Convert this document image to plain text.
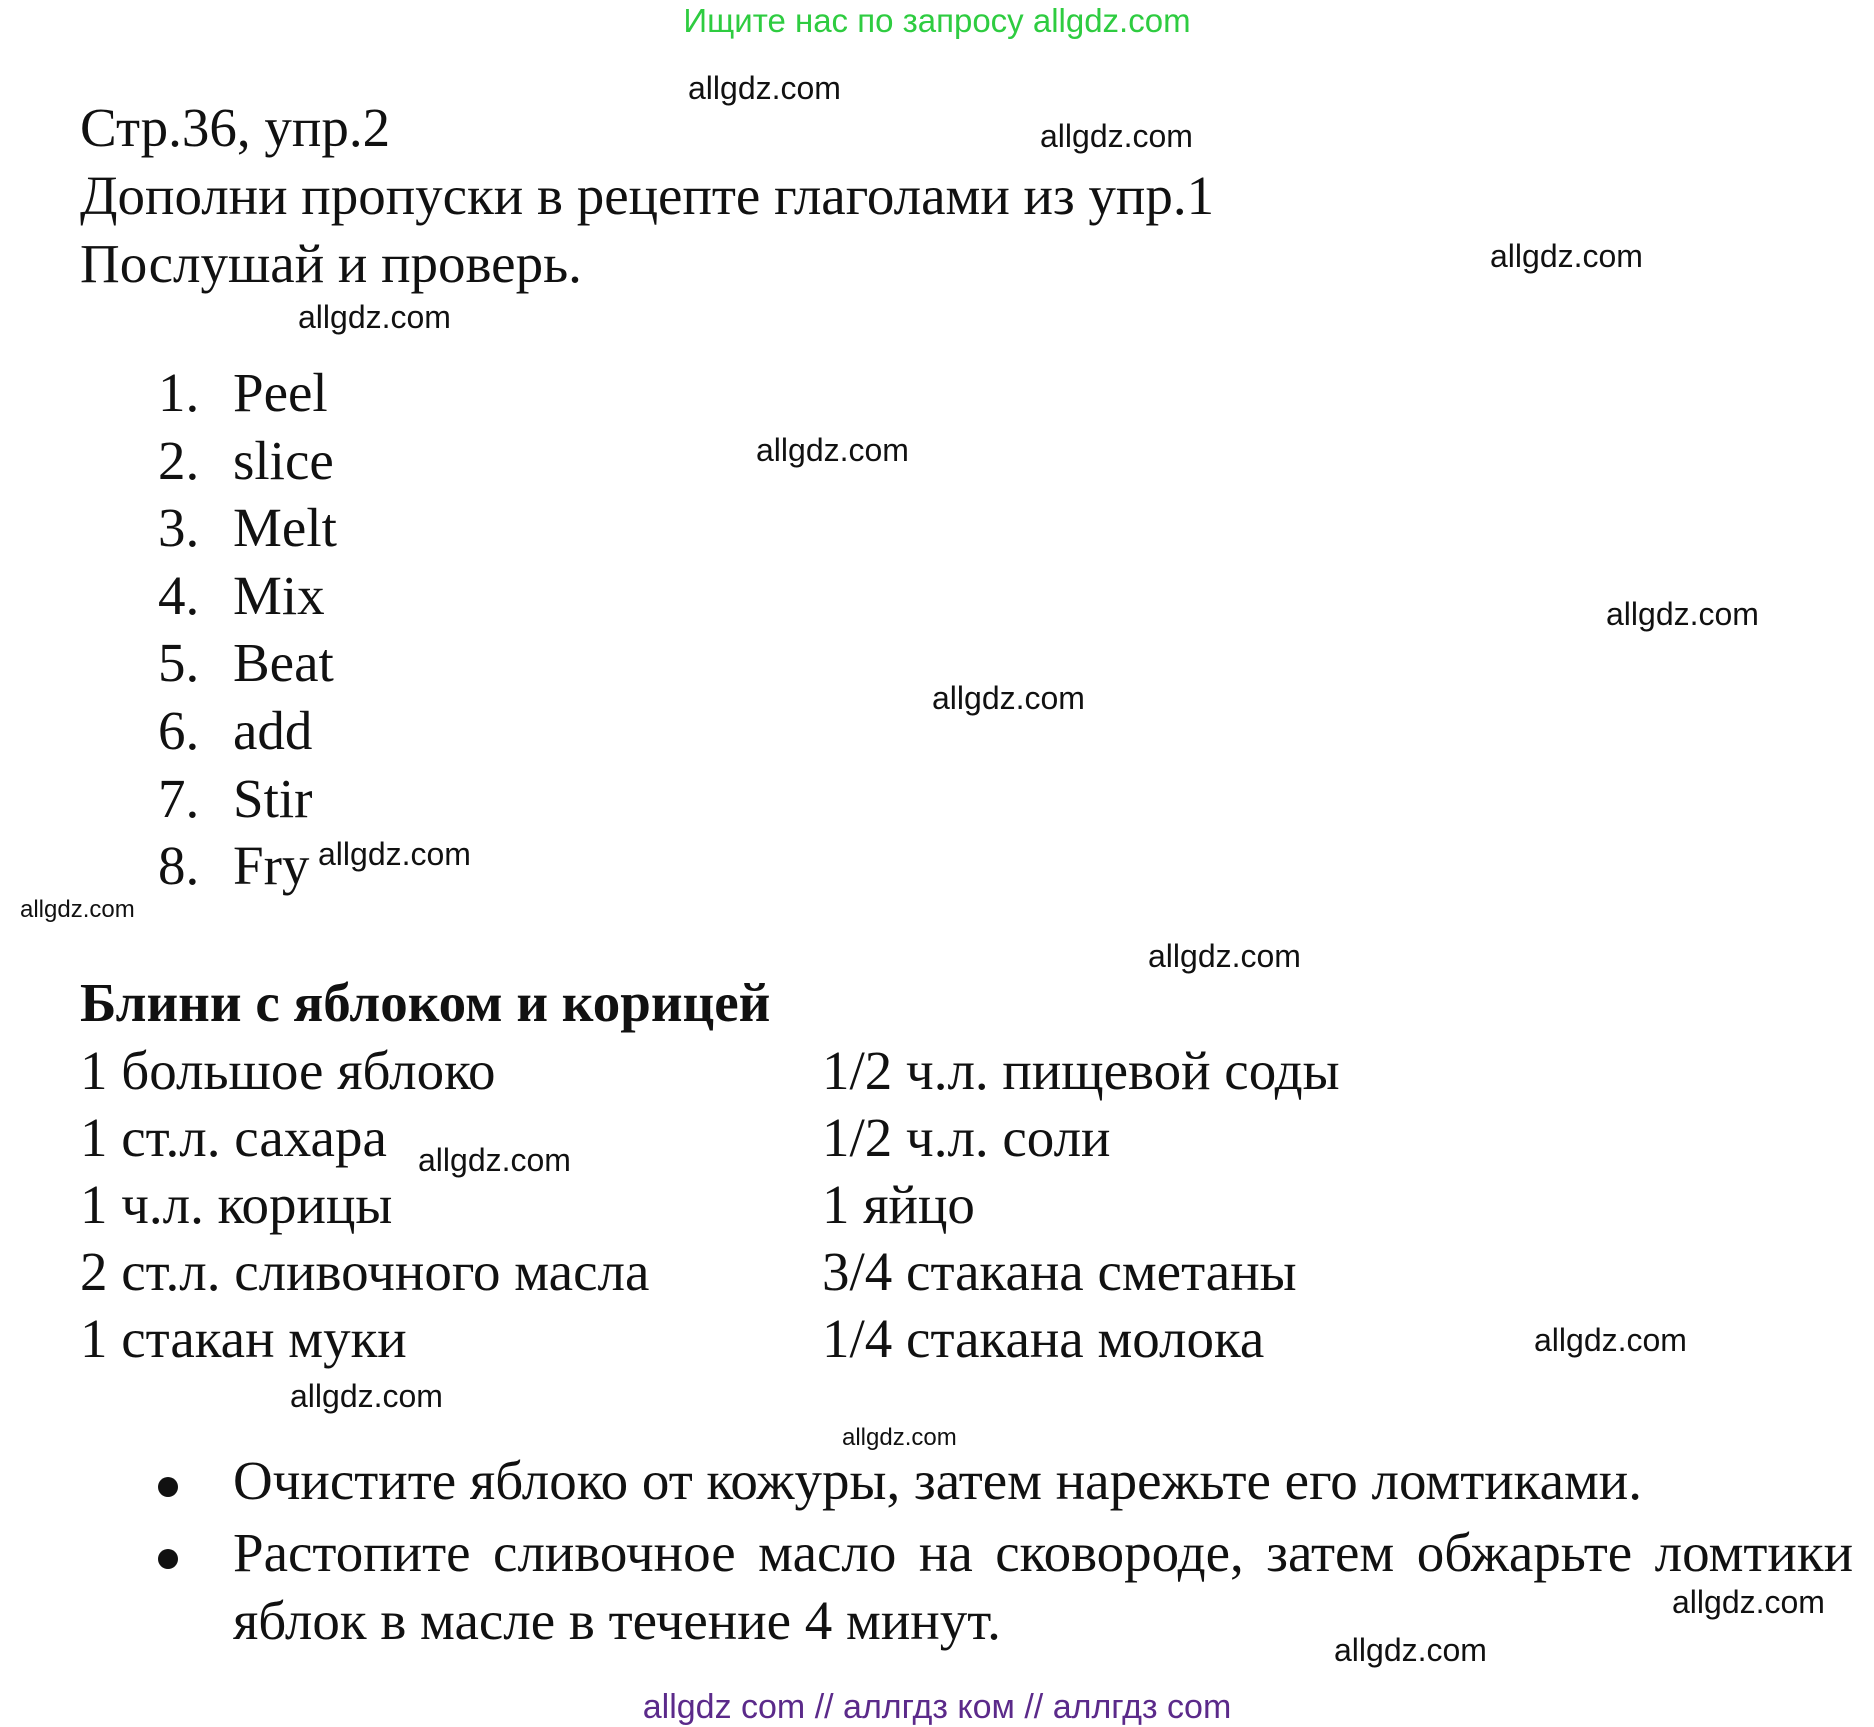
Ищите нас по запросу allgdz.com
Стр.36, упр.2
Дополни пропуски в рецепте глаголами из упр.1
Послушай и проверь.
1. Peel
2. slice
3. Melt
4. Mix
5. Beat
6. add
7. Stir
8. Fry
Блини с яблоком и корицей
1 большое яблоко
1 ст.л. сахара
1 ч.л. корицы
2 ст.л. сливочного масла
1 стакан муки
1/2 ч.л. пищевой соды
1/2 ч.л. соли
1 яйцо
3/4 стакана сметаны
1/4 стакана молока
Очистите яблоко от кожуры, затем нарежьте его ломтиками.
Растопите сливочное масло на сковороде, затем обжарьте ломтики яблок в масле в течение 4 минут.
allgdz.com
allgdz.com
allgdz.com
allgdz.com
allgdz.com
allgdz.com
allgdz.com
allgdz.com
allgdz.com
allgdz.com
allgdz.com
allgdz.com
allgdz.com
allgdz.com
allgdz.com
allgdz.com
allgdz com // аллгдз ком // аллгдз com
